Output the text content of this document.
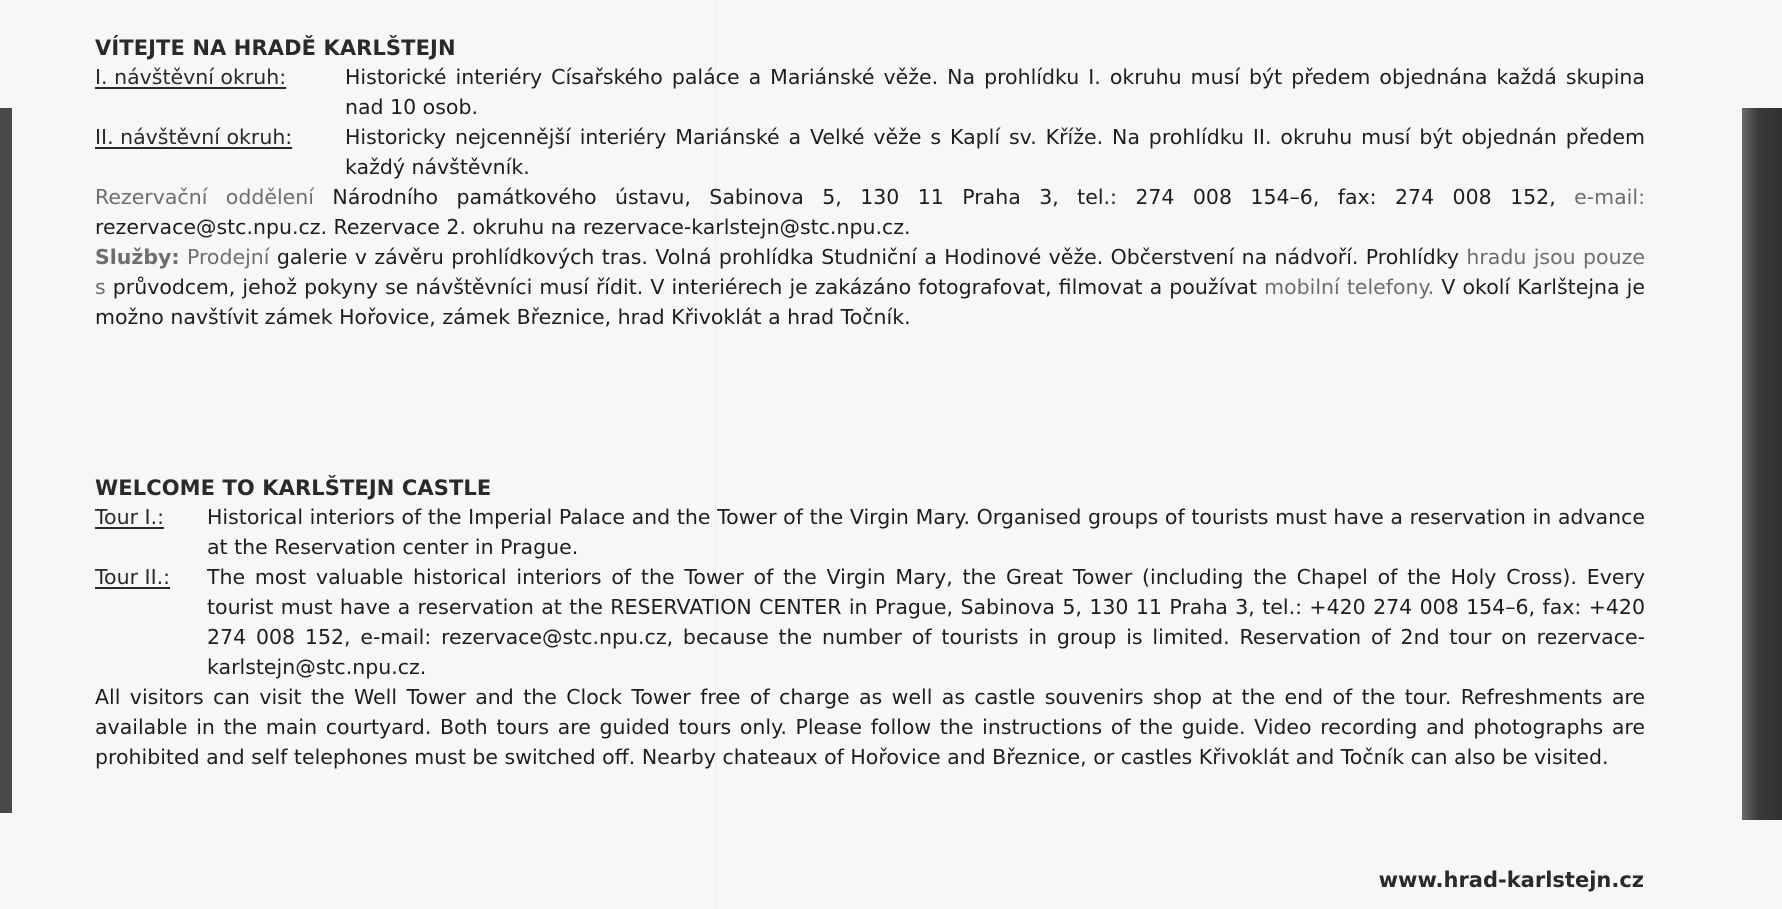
VÍTEJTE NA HRADĚ KARLŠTEJN
I. návštěvní okruh:	Historické interiéry Císařského paláce a Mariánské věže. Na prohlídku I. okruhu musí být předem objednána každá skupina nad 10 osob.
II. návštěvní okruh:	Historicky nejcennější interiéry Mariánské a Velké věže s Kaplí sv. Kříže. Na prohlídku II. okruhu musí být objednán předem každý návštěvník.
Rezervační oddělení Národního památkového ústavu, Sabinova 5, 130 11 Praha 3, tel.: 274 008 154–6, fax: 274 008 152, e-mail: rezervace@stc.npu.cz. Rezervace 2. okruhu na rezervace-karlstejn@stc.npu.cz.
Služby: Prodejní galerie v závěru prohlídkových tras. Volná prohlídka Studniční a Hodinové věže. Občerstvení na nádvoří. Prohlídky hradu jsou pouze s průvodcem, jehož pokyny se návštěvníci musí řídit. V interiérech je zakázáno fotografovat, filmovat a používat mobilní telefony. V okolí Karlštejna je možno navštívit zámek Hořovice, zámek Březnice, hrad Křivoklát a hrad Točník.
WELCOME TO KARLŠTEJN CASTLE
Tour I.:	Historical interiors of the Imperial Palace and the Tower of the Virgin Mary. Organised groups of tourists must have a reservation in advance at the Reservation center in Prague.
Tour II.:	The most valuable historical interiors of the Tower of the Virgin Mary, the Great Tower (including the Chapel of the Holy Cross). Every tourist must have a reservation at the RESERVATION CENTER in Prague, Sabinova 5, 130 11 Praha 3, tel.: +420 274 008 154–6, fax: +420 274 008 152, e-mail: rezervace@stc.npu.cz, because the number of tourists in group is limited. Reservation of 2nd tour on rezervace-karlstejn@stc.npu.cz.
All visitors can visit the Well Tower and the Clock Tower free of charge as well as castle souvenirs shop at the end of the tour. Refreshments are available in the main courtyard. Both tours are guided tours only. Please follow the instructions of the guide. Video recording and photographs are prohibited and self telephones must be switched off. Nearby chateaux of Hořovice and Březnice, or castles Křivoklát and Točník can also be visited.
www.hrad-karlstejn.cz
